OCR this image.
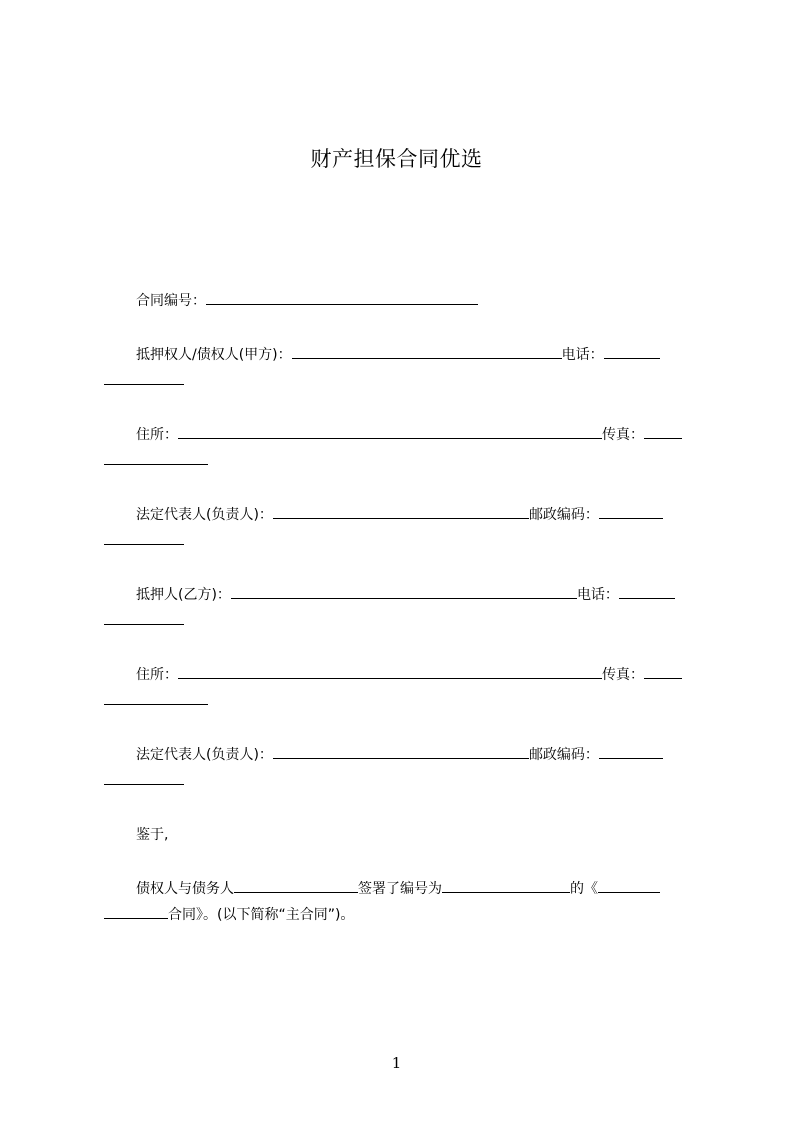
财产担保合同优选
合同编号：
抵押权人/债权人(甲方)：	电话：
住所：	传真：
法定代表人(负责人)：	邮政编码：
抵押人(乙方)：	电话：
住所：	传真：
法定代表人(负责人)：	邮政编码：
鉴于,
债权人与债务人	签署了编号为	的《
合同》。(以下简称“主合同”)。
1
